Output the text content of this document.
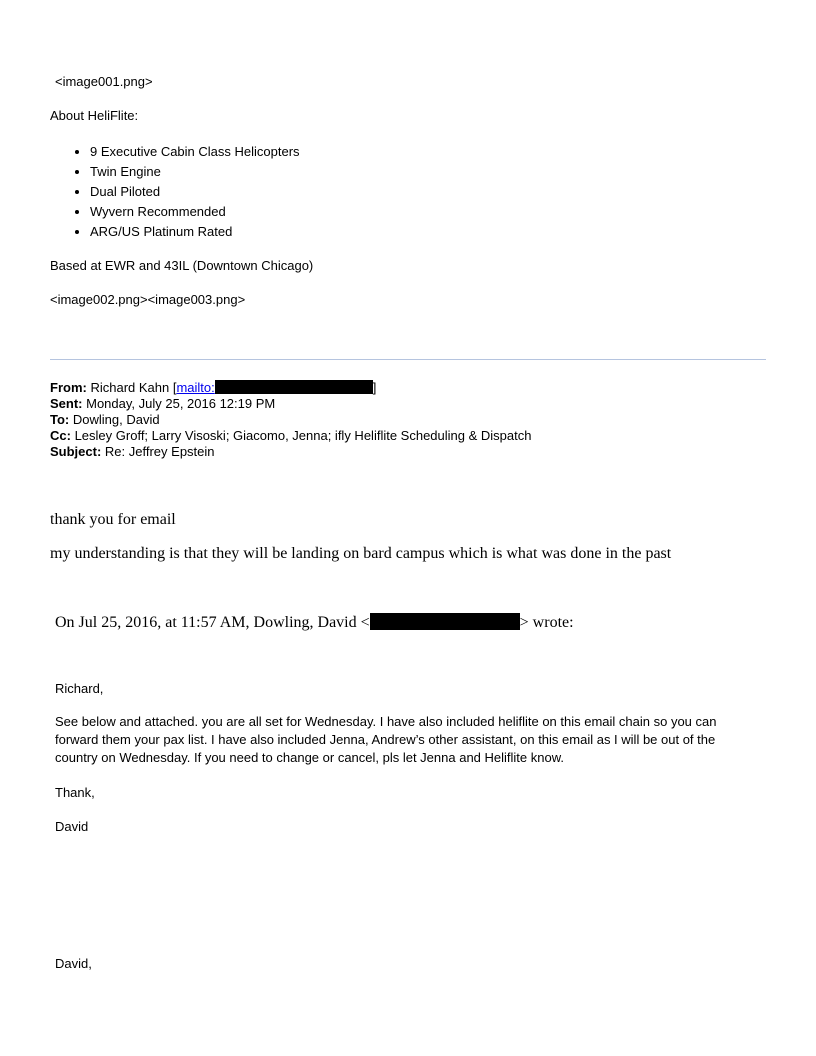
<image001.png>
About HeliFlite:
• 9 Executive Cabin Class Helicopters
• Twin Engine
• Dual Piloted
• Wyvern Recommended
• ARG/US Platinum Rated
Based at EWR and 43IL (Downtown Chicago)
<image002.png><image003.png>
From: Richard Kahn [mailto:	]
Sent: Monday, July 25, 2016 12:19 PM
To: Dowling, David
Cc: Lesley Groff; Larry Visoski; Giacomo, Jenna; ifly Heliflite Scheduling & Dispatch
Subject: Re: Jeffrey Epstein
thank you for email
my understanding is that they will be landing on bard campus which is what was done in the past
On Jul 25, 2016, at 11:57 AM, Dowling, David <	> wrote:
Richard,
See below and attached. you are all set for Wednesday. I have also included heliflite on this email chain so you can forward them your pax list. I have also included Jenna, Andrew’s other assistant, on this email as I will be out of the country on Wednesday. If you need to change or cancel, pls let Jenna and Heliflite know.
Thank,
David
David,
